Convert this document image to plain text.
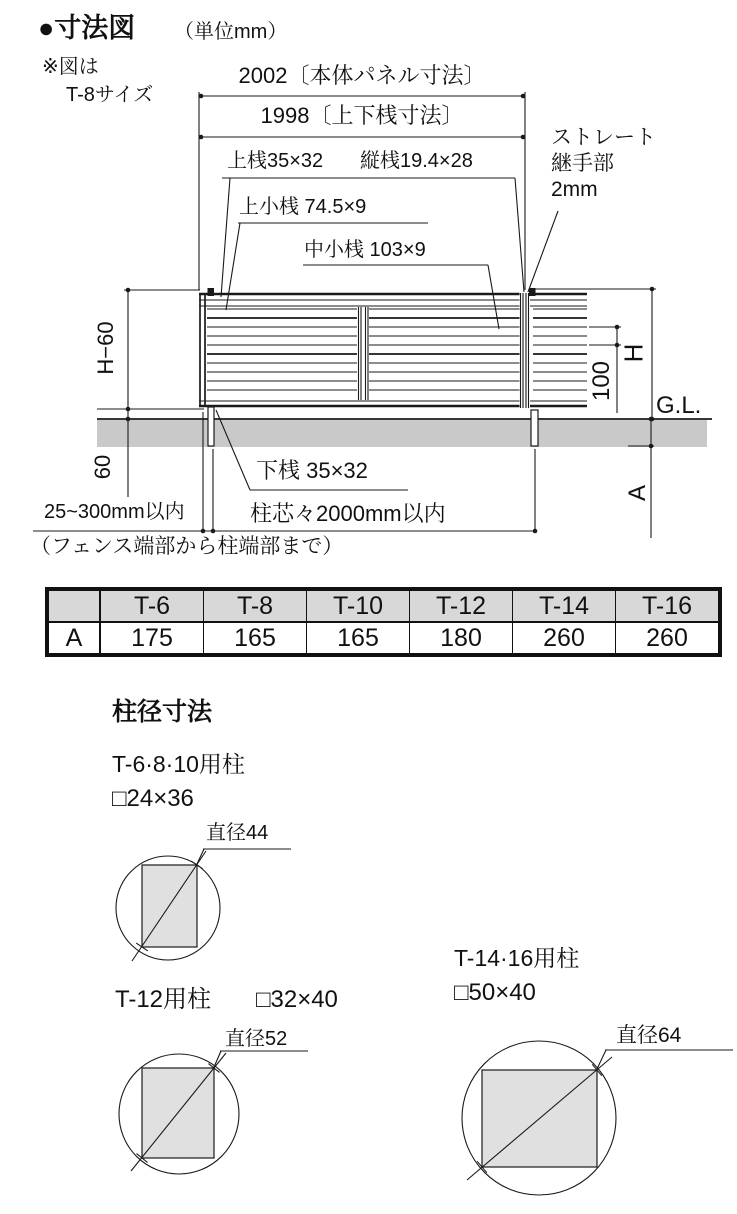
●寸法図 （単位mm）
※図は
T-8サイズ
2002〔本体パネル寸法〕
1998〔上下桟寸法〕
上桟35×32 縦桟19.4×28
上小桟 74.5×9
中小桟 103×9
ストレート
継手部
2mm
H−60
60
H
100
A
G.L.
下桟 35×32
25~300mm以内	柱芯々2000mm以内
（フェンス端部から柱端部まで）
	T-6	T-8	T-10	T-12	T-14	T-16
A	175	165	165	180	260	260
柱径寸法
T-6·8·10用柱
□24×36
直径44
T-12用柱 □32×40
直径52
T-14·16用柱
□50×40
直径64
